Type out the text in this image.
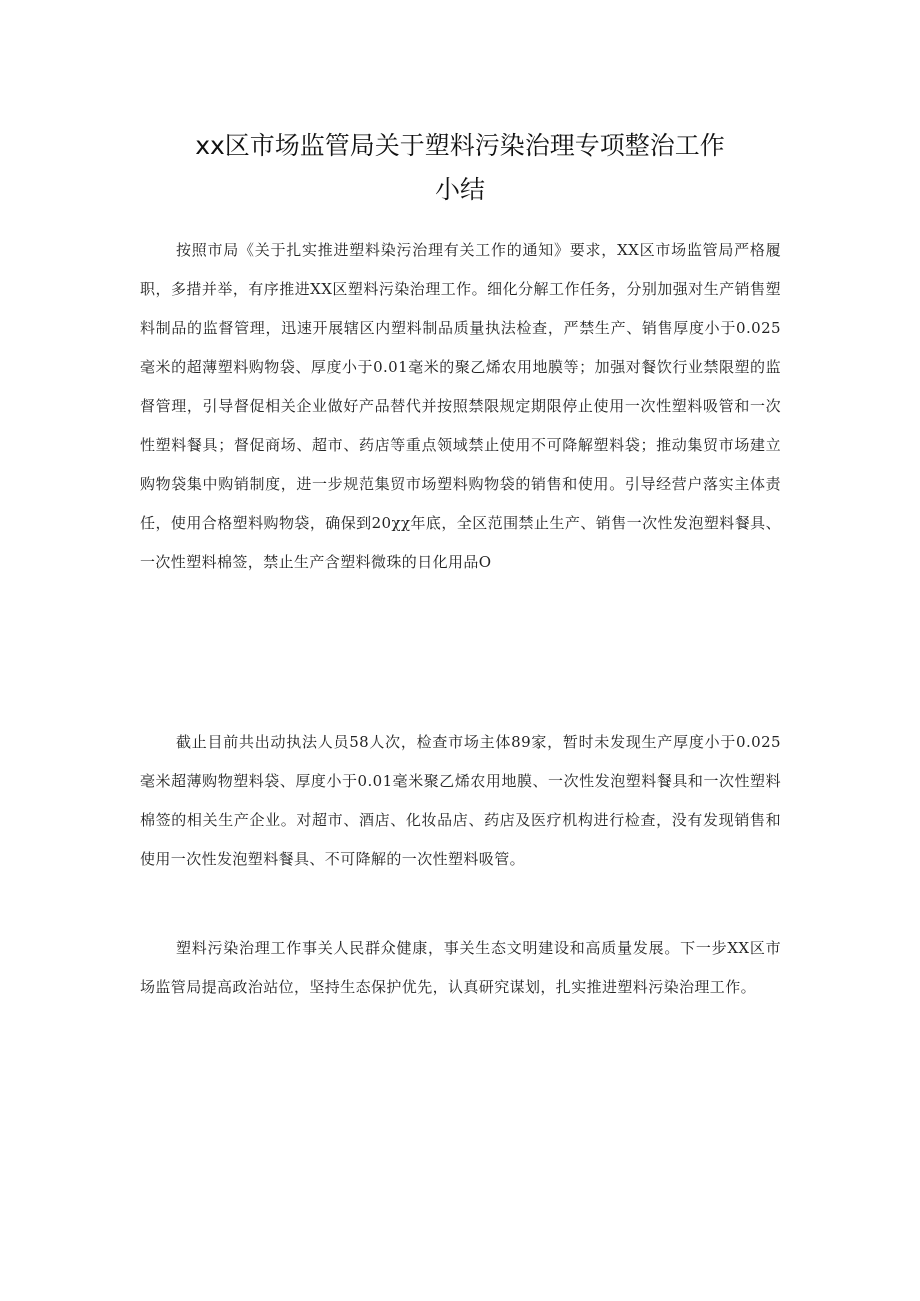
xx区市场监管局关于塑料污染治理专项整治工作
小结

按照市局《关于扎实推进塑料染污治理有关工作的通知》要求，XX区市场监管局严格履职，多措并举，有序推进XX区塑料污染治理工作。细化分解工作任务，分别加强对生产销售塑料制品的监督管理，迅速开展辖区内塑料制品质量执法检查，严禁生产、销售厚度小于0.025毫米的超薄塑料购物袋、厚度小于0.01毫米的聚乙烯农用地膜等；加强对餐饮行业禁限塑的监督管理，引导督促相关企业做好产品替代并按照禁限规定期限停止使用一次性塑料吸管和一次性塑料餐具；督促商场、超市、药店等重点领域禁止使用不可降解塑料袋；推动集贸市场建立购物袋集中购销制度，进一步规范集贸市场塑料购物袋的销售和使用。引导经营户落实主体责任，使用合格塑料购物袋，确保到20χχ年底，全区范围禁止生产、销售一次性发泡塑料餐具、一次性塑料棉签，禁止生产含塑料微珠的日化用品O

截止目前共出动执法人员58人次，检查市场主体89家，暂时未发现生产厚度小于0.025毫米超薄购物塑料袋、厚度小于0.01毫米聚乙烯农用地膜、一次性发泡塑料餐具和一次性塑料棉签的相关生产企业。对超市、酒店、化妆品店、药店及医疗机构进行检查，没有发现销售和使用一次性发泡塑料餐具、不可降解的一次性塑料吸管。

塑料污染治理工作事关人民群众健康，事关生态文明建设和高质量发展。下一步XX区市场监管局提高政治站位，坚持生态保护优先，认真研究谋划，扎实推进塑料污染治理工作。
